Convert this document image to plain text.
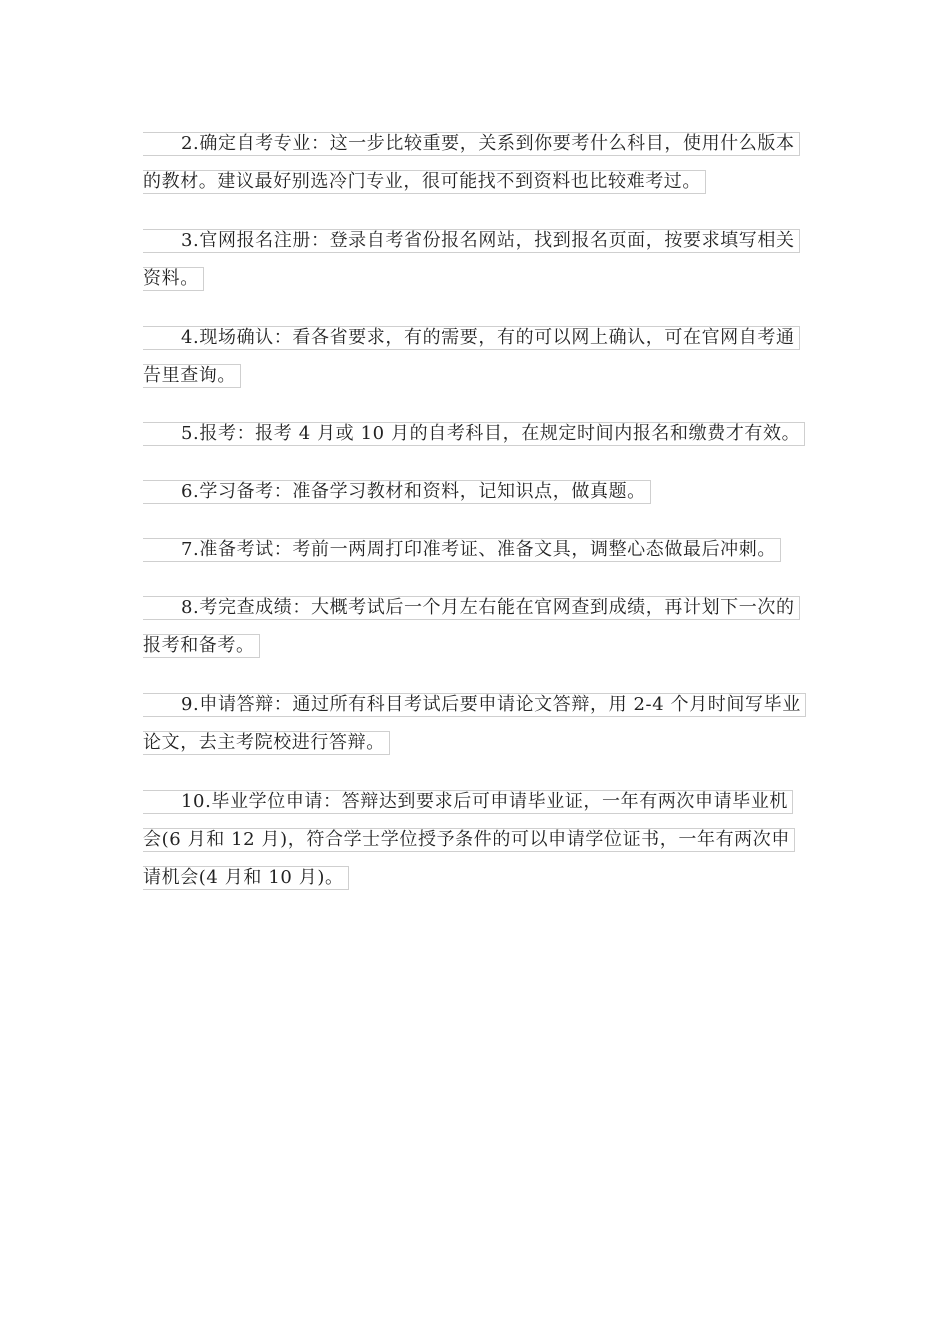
2.确定自考专业：这一步比较重要，关系到你要考什么科目，使用什么版本
的教材。建议最好别选冷门专业，很可能找不到资料也比较难考过。
3.官网报名注册：登录自考省份报名网站，找到报名页面，按要求填写相关
资料。
4.现场确认：看各省要求，有的需要，有的可以网上确认，可在官网自考通
告里查询。
5.报考：报考 4 月或 10 月的自考科目，在规定时间内报名和缴费才有效。
6.学习备考：准备学习教材和资料，记知识点，做真题。
7.准备考试：考前一两周打印准考证、准备文具，调整心态做最后冲刺。
8.考完查成绩：大概考试后一个月左右能在官网查到成绩，再计划下一次的
报考和备考。
9.申请答辩：通过所有科目考试后要申请论文答辩，用 2-4 个月时间写毕业
论文，去主考院校进行答辩。
10.毕业学位申请：答辩达到要求后可申请毕业证，一年有两次申请毕业机
会(6 月和 12 月)，符合学士学位授予条件的可以申请学位证书，一年有两次申
请机会(4 月和 10 月)。
